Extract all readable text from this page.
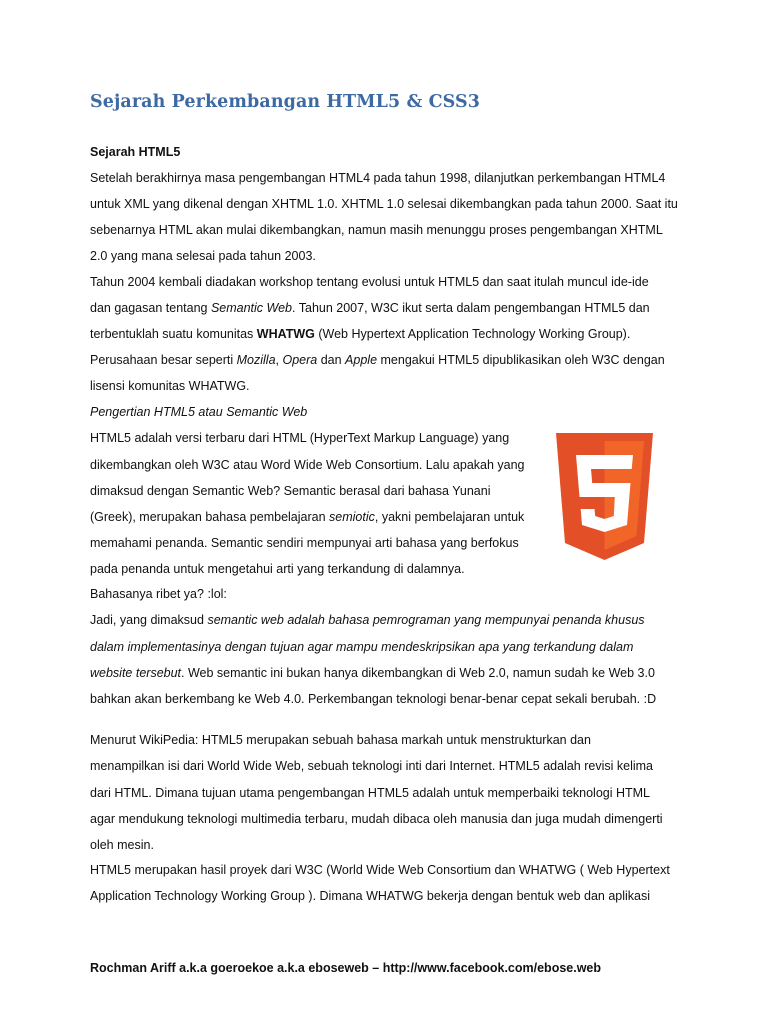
Sejarah Perkembangan HTML5 & CSS3
Sejarah HTML5
Setelah berakhirnya masa pengembangan HTML4 pada tahun 1998, dilanjutkan perkembangan HTML4
untuk XML yang dikenal dengan XHTML 1.0. XHTML 1.0 selesai dikembangkan pada tahun 2000. Saat itu
sebenarnya HTML akan mulai dikembangkan, namun masih menunggu proses pengembangan XHTML
2.0 yang mana selesai pada tahun 2003.
Tahun 2004 kembali diadakan workshop tentang evolusi untuk HTML5 dan saat itulah muncul ide-ide
dan gagasan tentang Semantic Web. Tahun 2007, W3C ikut serta dalam pengembangan HTML5 dan
terbentuklah suatu komunitas WHATWG (Web Hypertext Application Technology Working Group).
Perusahaan besar seperti Mozilla, Opera dan Apple mengakui HTML5 dipublikasikan oleh W3C dengan
lisensi komunitas WHATWG.
Pengertian HTML5 atau Semantic Web
HTML5 adalah versi terbaru dari HTML (HyperText Markup Language) yang
dikembangkan oleh W3C atau Word Wide Web Consortium. Lalu apakah yang
dimaksud dengan Semantic Web? Semantic berasal dari bahasa Yunani
(Greek), merupakan bahasa pembelajaran semiotic, yakni pembelajaran untuk
memahami penanda. Semantic sendiri mempunyai arti bahasa yang berfokus
pada penanda untuk mengetahui arti yang terkandung di dalamnya.
Bahasanya ribet ya? :lol:
Jadi, yang dimaksud semantic web adalah bahasa pemrograman yang mempunyai penanda khusus
dalam implementasinya dengan tujuan agar mampu mendeskripsikan apa yang terkandung dalam
website tersebut. Web semantic ini bukan hanya dikembangkan di Web 2.0, namun sudah ke Web 3.0
bahkan akan berkembang ke Web 4.0. Perkembangan teknologi benar-benar cepat sekali berubah. :D
Menurut WikiPedia: HTML5 merupakan sebuah bahasa markah untuk menstrukturkan dan
menampilkan isi dari World Wide Web, sebuah teknologi inti dari Internet. HTML5 adalah revisi kelima
dari HTML. Dimana tujuan utama pengembangan HTML5 adalah untuk memperbaiki teknologi HTML
agar mendukung teknologi multimedia terbaru, mudah dibaca oleh manusia dan juga mudah dimengerti
oleh mesin.
HTML5 merupakan hasil proyek dari W3C (World Wide Web Consortium dan WHATWG ( Web Hypertext
Application Technology Working Group ). Dimana WHATWG bekerja dengan bentuk web dan aplikasi
5
Rochman Ariff a.k.a goeroekoe a.k.a eboseweb – http://www.facebook.com/ebose.web
